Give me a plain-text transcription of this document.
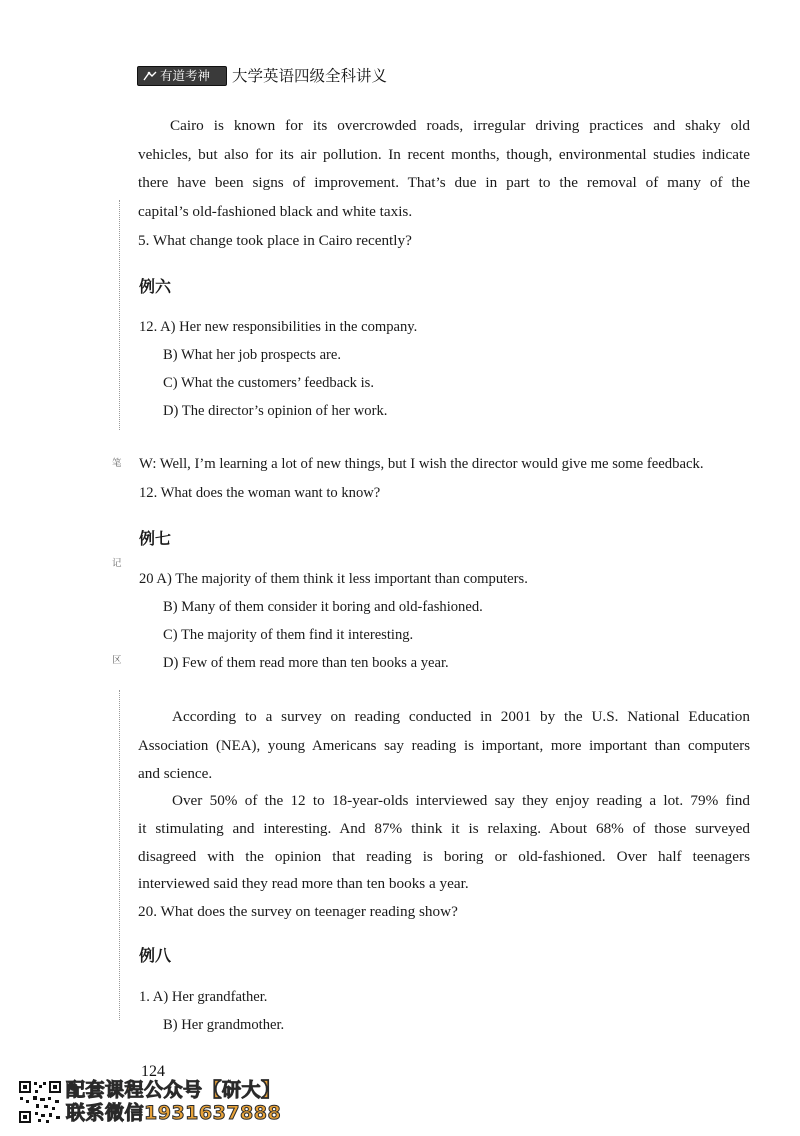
有道考神 大学英语四级全科讲义
笔
记
区
Cairo is known for its overcrowded roads, irregular driving practices and shaky old
vehicles, but also for its air pollution. In recent months, though, environmental studies indicate
there have been signs of improvement. That’s due in part to the removal of many of the
capital’s old-fashioned black and white taxis.
5. What change took place in Cairo recently?
例六
12. A) Her new responsibilities in the company.
B) What her job prospects are.
C) What the customers’ feedback is.
D) The director’s opinion of her work.
W: Well, I’m learning a lot of new things, but I wish the director would give me some feedback.
12. What does the woman want to know?
例七
20 A) The majority of them think it less important than computers.
B) Many of them consider it boring and old-fashioned.
C) The majority of them find it interesting.
D) Few of them read more than ten books a year.
According to a survey on reading conducted in 2001 by the U.S. National Education
Association (NEA), young Americans say reading is important, more important than computers
and science.
Over 50% of the 12 to 18-year-olds interviewed say they enjoy reading a lot. 79% find
it stimulating and interesting. And 87% think it is relaxing. About 68% of those surveyed
disagreed with the opinion that reading is boring or old-fashioned. Over half teenagers
interviewed said they read more than ten books a year.
20. What does the survey on teenager reading show?
例八
1. A) Her grandfather.
B) Her grandmother.
124
配套课程公众号【研大】
联系微信1931637888
